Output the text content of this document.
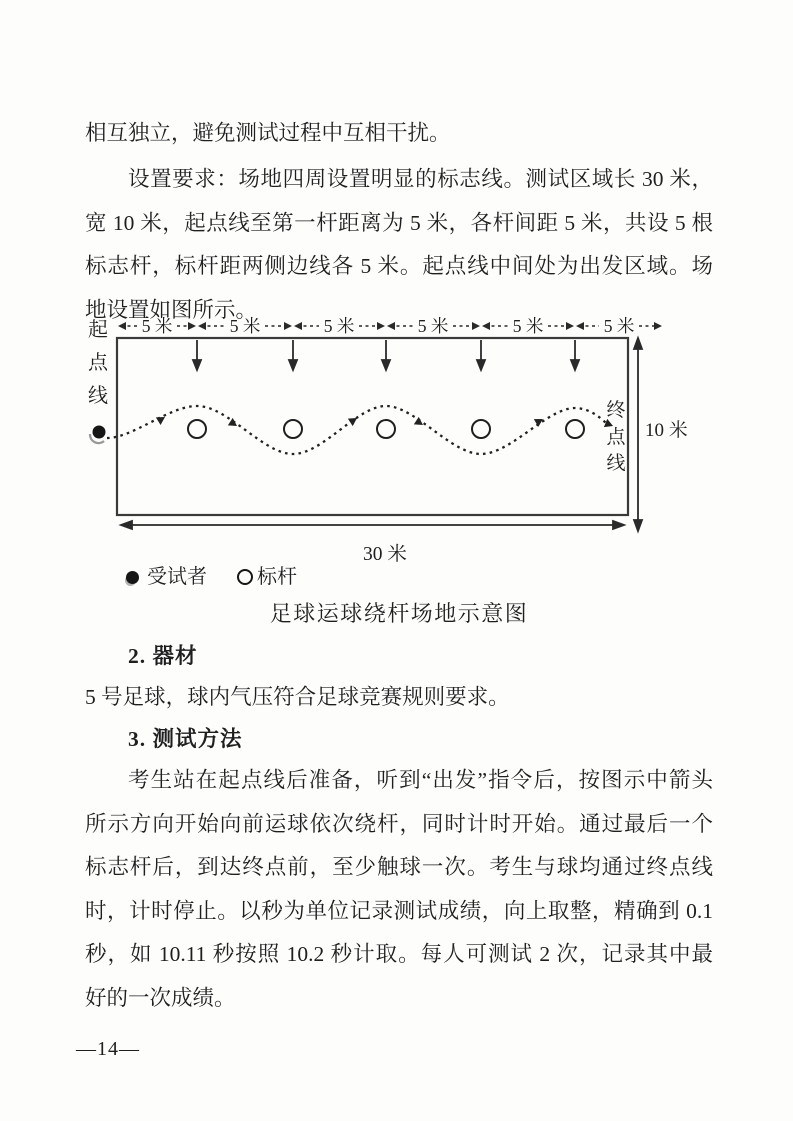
相互独立，避免测试过程中互相干扰。
设置要求：场地四周设置明显的标志线。测试区域长 30 米，
宽 10 米，起点线至第一杆距离为 5 米，各杆间距 5 米，共设 5 根
标志杆，标杆距两侧边线各 5 米。起点线中间处为出发区域。场
地设置如图所示。
5 米	5 米	5 米	5 米	5 米	5 米
10 米
30 米
起点线
终点线
受试者	标杆
足球运球绕杆场地示意图
2. 器材
5 号足球，球内气压符合足球竞赛规则要求。
3. 测试方法
考生站在起点线后准备，听到“出发”指令后，按图示中箭头
所示方向开始向前运球依次绕杆，同时计时开始。通过最后一个
标志杆后，到达终点前，至少触球一次。考生与球均通过终点线
时，计时停止。以秒为单位记录测试成绩，向上取整，精确到 0.1
秒，如 10.11 秒按照 10.2 秒计取。每人可测试 2 次，记录其中最
好的一次成绩。
—14—
